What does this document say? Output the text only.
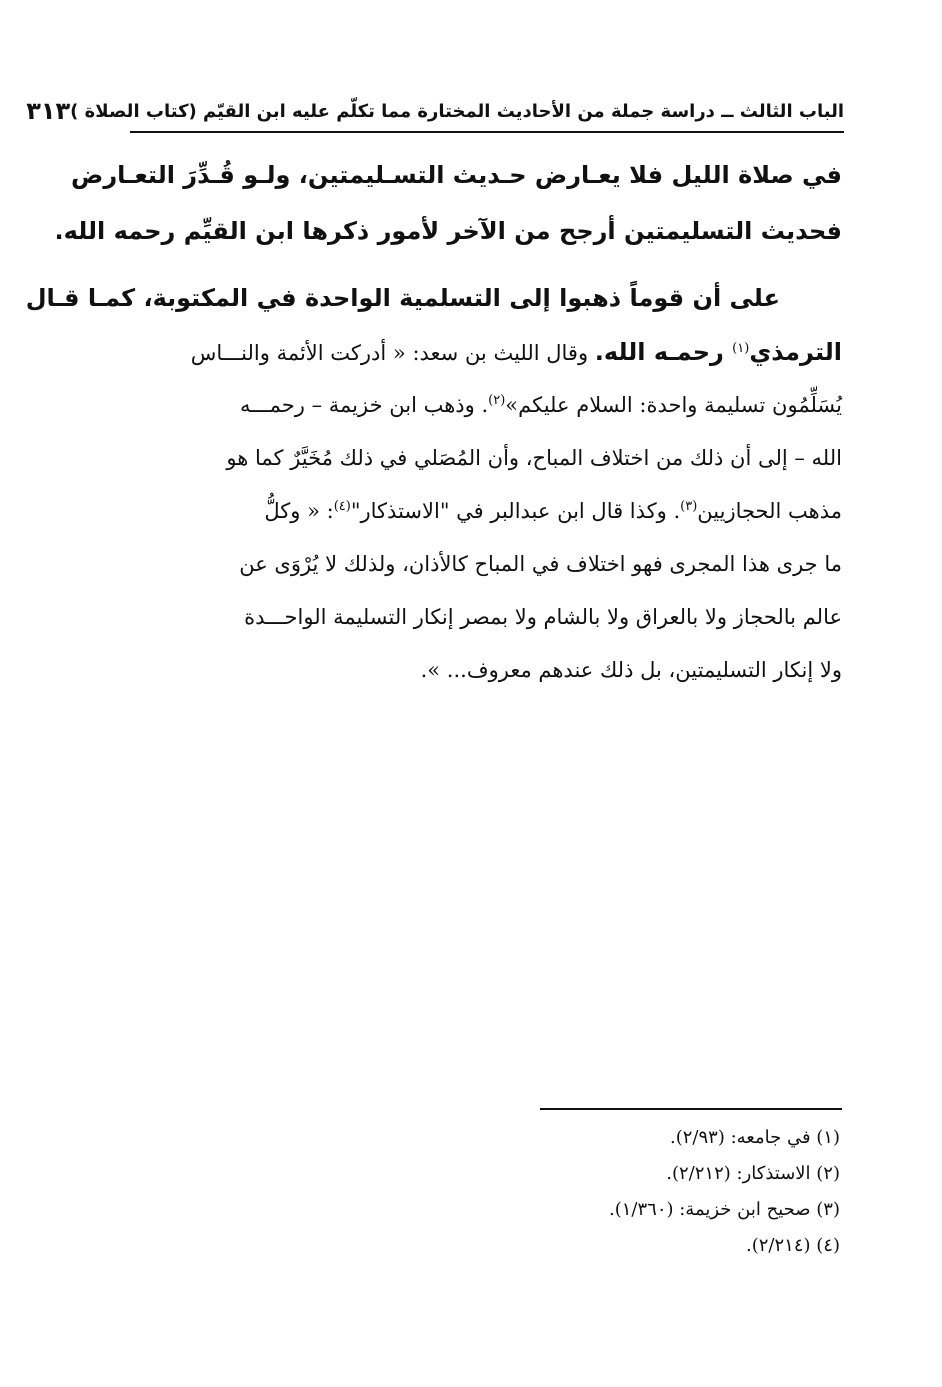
الباب الثالث ــ دراسة جملة من الأحاديث المختارة مما تكلّم عليه ابن القيّم (كتاب الصلاة )
٣١٣
في صلاة الليل فلا يعـارض حـديث التسـليمتين، ولـو قُـدِّرَ التعـارض
فحديث التسليمتين أرجح من الآخر لأمور ذكرها ابن القيِّم رحمه الله.
على أن قوماً ذهبوا إلى التسلمية الواحدة في المكتوبة، كمـا قـال
الترمذي$^{(١)}$ رحمـه الله. وقال الليث بن سعد: « أدركت الأئمة والنـــاس
يُسَلِّمُون تسليمة واحدة: السلام عليكم»$^{(٢)}$. وذهب ابن خزيمة – رحمـــه
الله – إلى أن ذلك من اختلاف المباح، وأن المُصَلي في ذلك مُخَيَّرٌ كما هو
مذهب الحجازيين$^{(٣)}$. وكذا قال ابن عبدالبر في "الاستذكار"$^{(٤)}$: « وكلُّ
ما جرى هذا المجرى فهو اختلاف في المباح كالأذان، ولذلك لا يُرْوَى عن
عالم بالحجاز ولا بالعراق ولا بالشام ولا بمصر إنكار التسليمة الواحـــدة
ولا إنكار التسليمتين، بل ذلك عندهم معروف... ».
(١) في جامعه: (٢/٩٣).
(٢) الاستذكار: (٢/٢١٢).
(٣) صحيح ابن خزيمة: (١/٣٦٠).
(٤) (٢/٢١٤).
